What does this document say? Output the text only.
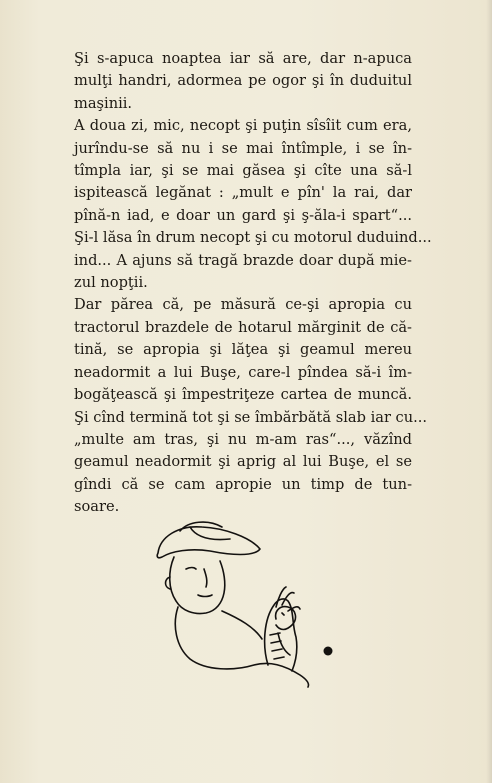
Şi s-apuca noaptea iar să are, dar n-apuca
mulţi handri, adormea pe ogor şi în duduitul
maşinii.
A doua zi, mic, necopt şi puţin sîsîit cum era,
jurîndu-se să nu i se mai întîmple, i se în-
tîmpla iar, şi se mai găsea şi cîte una să-l
ispitească legănat : „mult e pîn' la rai, dar
pînă-n iad, e doar un gard şi ş-ăla-i spart“...
Şi-l lăsa în drum necopt şi cu motorul duduind...
ind... A ajuns să tragă brazde doar după mie-
zul nopţii.
Dar părea că, pe măsură ce-şi apropia cu
tractorul brazdele de hotarul mărginit de că-
tină, se apropia şi lăţea şi geamul mereu
neadormit a lui Buşe, care-l pîndea să-i îm-
bogăţească şi împestriţeze cartea de muncă.
Şi cînd termină tot şi se îmbărbătă slab iar cu...
„multe am tras, şi nu m-am ras“..., văzînd
geamul neadormit şi aprig al lui Buşe, el se
gîndi că se cam apropie un timp de tun-
soare.
